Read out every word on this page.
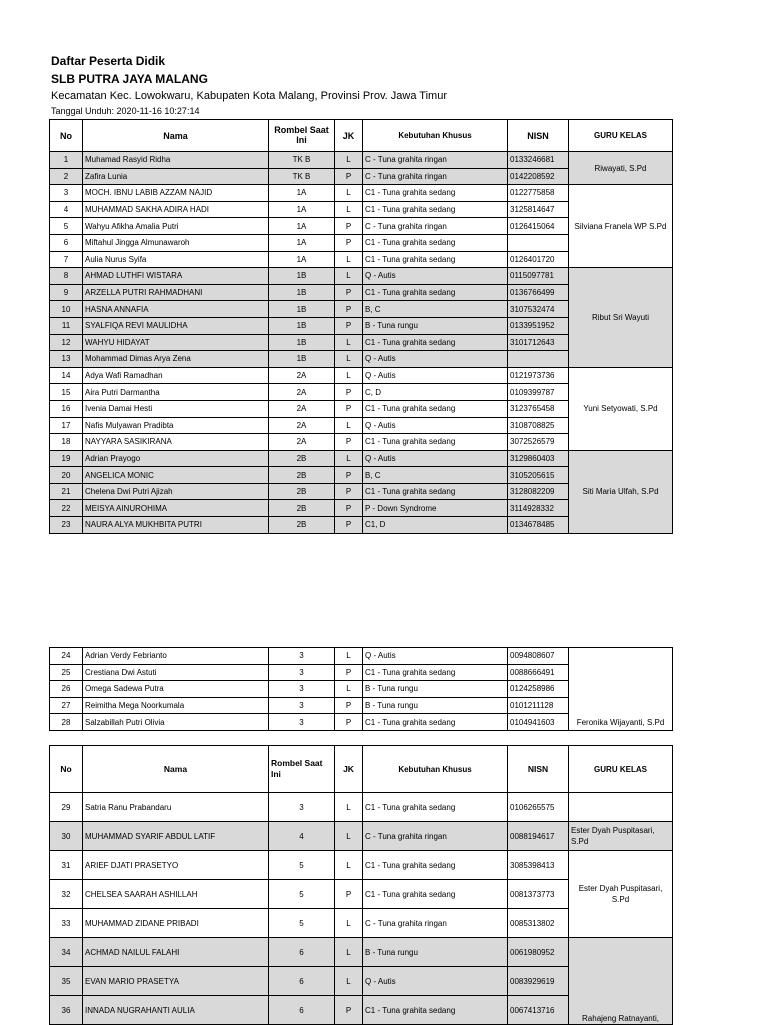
Daftar Peserta Didik
SLB PUTRA JAYA MALANG
Kecamatan Kec. Lowokwaru, Kabupaten Kota Malang, Provinsi Prov. Jawa Timur
Tanggal Unduh: 2020-11-16 10:27:14
No	Nama	Rombel Saat Ini	JK	Kebutuhan Khusus	NISN	GURU KELAS
1	Muhamad Rasyid Ridha	TK B	L	C - Tuna grahita ringan	0133246681	Riwayati, S.Pd
2	Zafira Lunia	TK B	P	C - Tuna grahita ringan	0142208592	
3	MOCH. IBNU LABIB AZZAM NAJID	1A	L	C1 - Tuna grahita sedang	0122775858	Silviana Franela WP S.Pd
4	MUHAMMAD SAKHA ADIRA HADI	1A	L	C1 - Tuna grahita sedang	3125814647	
5	Wahyu Afikha Amalia Putri	1A	P	C - Tuna grahita ringan	0126415064	
6	Miftahul Jingga Almunawaroh	1A	P	C1 - Tuna grahita sedang		
7	Aulia Nurus Syifa	1A	L	C1 - Tuna grahita sedang	0126401720	
8	AHMAD LUTHFI WISTARA	1B	L	Q - Autis	0115097781	Ribut Sri Wayuti
9	ARZELLA PUTRI RAHMADHANI	1B	P	C1 - Tuna grahita sedang	0136766499	
10	HASNA ANNAFIA	1B	P	B, C	3107532474	
11	SYALFIQA REVI MAULIDHA	1B	P	B - Tuna rungu	0133951952	
12	WAHYU HIDAYAT	1B	L	C1 - Tuna grahita sedang	3101712643	
13	Mohammad Dimas Arya Zena	1B	L	Q - Autis		
14	Adya Wafi Ramadhan	2A	L	Q - Autis	0121973736	Yuni Setyowati, S.Pd
15	Aira Putri Darmantha	2A	P	C, D	0109399787	
16	Ivenia Damai Hesti	2A	P	C1 - Tuna grahita sedang	3123765458	
17	Nafis Mulyawan Pradibta	2A	L	Q - Autis	3108708825	
18	NAYYARA SASIKIRANA	2A	P	C1 - Tuna grahita sedang	3072526579	
19	Adrian Prayogo	2B	L	Q - Autis	3129860403	Siti Maria Ulfah, S.Pd
20	ANGELICA MONIC	2B	P	B, C	3105205615	
21	Chelena Dwi Putri Ajizah	2B	P	C1 - Tuna grahita sedang	3128082209	
22	MEISYA AINUROHIMA	2B	P	P - Down Syndrome	3114928332	
23	NAURA ALYA MUKHBITA PUTRI	2B	P	C1, D	0134678485	
24	Adrian Verdy Febrianto	3	L	Q - Autis	0094808607	Feronika Wijayanti, S.Pd
25	Crestiana Dwi Astuti	3	P	C1 - Tuna grahita sedang	0088666491	
26	Omega Sadewa Putra	3	L	B - Tuna rungu	0124258986	
27	Reimitha Mega Noorkumala	3	P	B - Tuna rungu	0101211128	
28	Salzabillah Putri Olivia	3	P	C1 - Tuna grahita sedang	0104941603	
No	Nama	Rombel Saat Ini	JK	Kebutuhan Khusus	NISN	GURU KELAS
29	Satria Ranu Prabandaru	3	L	C1 - Tuna grahita sedang	0106265575	
30	MUHAMMAD SYARIF ABDUL LATIF	4	L	C - Tuna grahita ringan	0088194617	Ester Dyah Puspitasari, S.Pd
31	ARIEF DJATI PRASETYO	5	L	C1 - Tuna grahita sedang	3085398413	Ester Dyah Puspitasari, S.Pd
32	CHELSEA SAARAH ASHILLAH	5	P	C1 - Tuna grahita sedang	0081373773	
33	MUHAMMAD ZIDANE PRIBADI	5	L	C - Tuna grahita ringan	0085313802	
34	ACHMAD NAILUL FALAHI	6	L	B - Tuna rungu	0061980952	Rahajeng Ratnayanti,
35	EVAN MARIO PRASETYA	6	L	Q - Autis	0083929619	
36	INNADA NUGRAHANTI AULIA	6	P	C1 - Tuna grahita sedang	0067413716	
